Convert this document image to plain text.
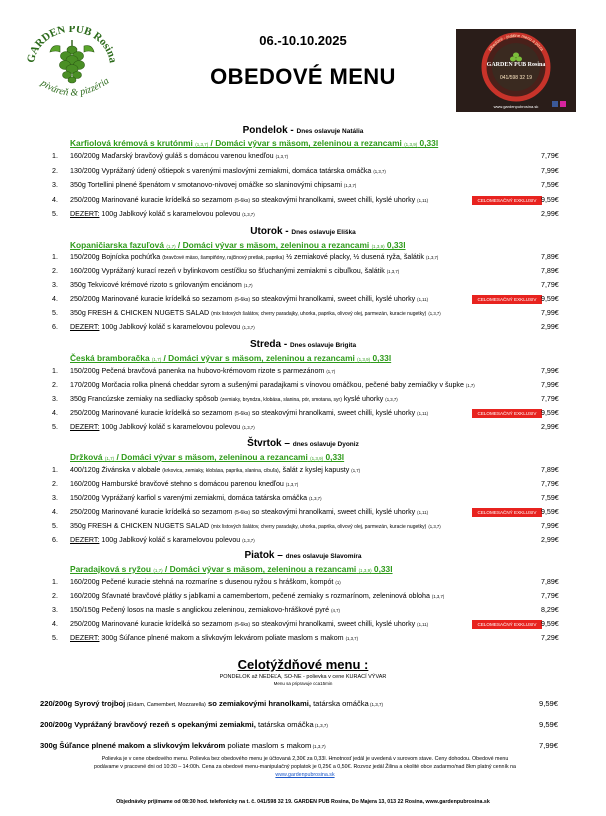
GARDEN PUB Rosina
piváreň & pizzéria
06.-10.10.2025
OBEDOVÉ MENU
Obedové - jedálne menu a pizza
GARDEN PUB Rosina
041/598 32 19
www.gardenpubrosina.sk
Pondelok - Dnes oslavuje Natália
Karfiolová krémová s krutónmi (1,3,7) / Domáci vývar s mäsom, zeleninou a rezancami (1,3,9) 0,33l
1. 160/200g Maďarský bravčový guláš s domácou varenou knedľou (1,3,7)	7,79€
2. 130/200g Vyprážaný údený oštiepok s varenými maslovými zemiakmi, domáca tatárska omáčka (1,3,7)	7,99€
3. 350g Tortellini plnené špenátom v smotanovo-nivovej omáčke so slaninovými chipsami (1,3,7)	7,59€
4. 250/200g Marinované kuracie krídelká so sezamom (5-6ks) so steakovými hranolkami, sweet chilli, kyslé uhorky (1,11)	CELOMESAČNÝ EXKLUSIV 9,59€
5. DEZERT: 100g Jablkový koláč s karamelovou polevou (1,3,7)	2,99€
Utorok - Dnes oslavuje Eliška
Kopaničiarska fazuľová (1,7) / Domáci vývar s mäsom, zeleninou a rezancami (1,3,9) 0,33l
1. 150/200g Bojnícka pochúťka (bravčové mäso, šampiňóny, rajčinový pretlak, paprika) ½ zemiakové placky, ½ dusená ryža, šalátik (1,3,7)	7,89€
2. 160/200g Vyprážaný kurací rezeň v bylinkovom cestíčku so šťuchanými zemiakmi s cibuľkou, šalátik (1,3,7)	7,89€
3. 350g Tekvicové krémové rizoto s grilovaným enciánom (1,7)	7,79€
4. 250/200g Marinované kuracie krídelká so sezamom (5-6ks) so steakovými hranolkami, sweet chilli, kyslé uhorky (1,11)	CELOMESAČNÝ EXKLUSIV 9,59€
5. 350g FRESH & CHICKEN NUGETS SALAD (mix listových šalátov, cherry paradajky, uhorka, paprika, olivový olej, parmezán, kuracie nugetky) (1,3,7)	7,99€
6. DEZERT: 100g Jablkový koláč s karamelovou polevou (1,3,7)	2,99€
Streda - Dnes oslavuje Brigita
Česká bramboračka (1,7) / Domáci vývar s mäsom, zeleninou a rezancami (1,3,9) 0,33l
1. 150/200g Pečená bravčová panenka na hubovo-krémovom rizote s parmezánom (1,7)	7,99€
2. 170/200g Morčacia rolka plnená cheddar syrom a sušenými paradajkami s vínovou omáčkou, pečené baby zemiačky v šupke (1,7)	7,99€
3. 350g Francúzske zemiaky na sedliacky spôsob (zemiaky, bryndza, klobása, slanina, pór, smotana, syr) kyslé uhorky (1,3,7)	7,79€
4. 250/200g Marinované kuracie krídelká so sezamom (5-6ks) so steakovými hranolkami, sweet chilli, kyslé uhorky (1,11)	CELOMESAČNÝ EXKLUSIV 9,59€
5. DEZERT: 100g Jablkový koláč s karamelovou polevou (1,3,7)	2,99€
Štvrtok – dnes oslavuje Dyoniz
Držková (1,7) / Domáci vývar s mäsom, zeleninou a rezancami (1,3,9) 0,33l
1. 400/120g Živánska v alobale (krkovica, zemiaky, klobása, paprika, slanina, cibuľa), šalát z kyslej kapusty (1,7)	7,89€
2. 160/200g Hamburské bravčové stehno s domácou parenou knedľou (1,3,7)	7,79€
3. 150/200g Vyprážaný karfiol s varenými zemiakmi, domáca tatárska omáčka (1,3,7)	7,59€
4. 250/200g Marinované kuracie krídelká so sezamom (5-6ks) so steakovými hranolkami, sweet chilli, kyslé uhorky (1,11)	CELOMESAČNÝ EXKLUSIV 9,59€
5. 350g FRESH & CHICKEN NUGETS SALAD (mix listových šalátov, cherry paradajky, uhorka, paprika, olivový olej, parmezán, kuracie nugetky) (1,3,7)	7,99€
6. DEZERT: 100g Jablkový koláč s karamelovou polevou (1,3,7)	2,99€
Piatok – dnes oslavuje Slavomíra
Paradajková s ryžou (1,7) / Domáci vývar s mäsom, zeleninou a rezancami (1,3,9) 0,33l
1. 160/200g Pečené kuracie stehná na rozmaríne s dusenou ryžou s hráškom, kompót (1)	7,89€
2. 160/200g Šťavnaté bravčové plátky s jablkami a camembertom, pečené zemiaky s rozmarínom, zeleninová obloha (1,3,7)	7,79€
3. 150/150g Pečený losos na masle s anglickou zeleninou, zemiakovo-hráškové pyré (4,7)	8,29€
4. 250/200g Marinované kuracie krídelká so sezamom (5-6ks) so steakovými hranolkami, sweet chilli, kyslé uhorky (1,11)	CELOMESAČNÝ EXKLUSIV 9,59€
5. DEZERT: 300g Šúľance plnené makom a slivkovým lekvárom poliate maslom s makom (1,3,7)	7,29€
Celotýždňové menu :
PONDELOK až NEDEĽA, SO-NE - polievka v cene KURACÍ VÝVAR
Menu sa pripravuje cca15min
220/200g Syrový trojboj (Eidam, Camembert, Mozzarella) so zemiakovými hranolkami, tatárska omáčka (1,3,7)	9,59€
200/200g Vyprážaný bravčový rezeň s opekanými zemiakmi, tatárska omáčka (1,3,7)	9,59€
300g Šúľance plnené makom a slivkovým lekvárom poliate maslom s makom (1,3,7)	7,99€
Polievka je v cene obedového menu. Polievka bez obedového menu je účtovaná 2,30€ za 0,33l. Hmotnosť jedál je uvedená v surovom stave. Ceny dohodou. Obedové menu
podávame v pracovné dni od 10:30 – 14:00h. Cena za obedové menu-manipulačný poplatok je 0,25€ a 0,50€. Rozvoz jedál Žilina a okolité obce zadarmo/nad 8km platný cenník na
www.gardenpubrosina.sk
Objednávky prijímame od 08:30 hod. telefonicky na t. č. 041/598 32 19. GARDEN PUB Rosina, Do Majera 13, 013 22 Rosina, www.gardenpubrosina.sk
